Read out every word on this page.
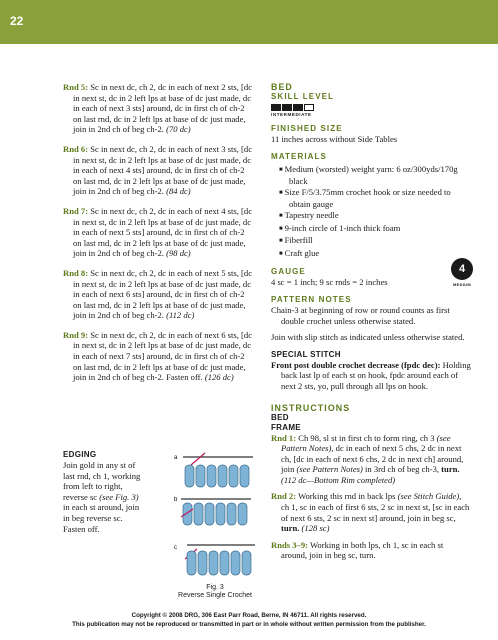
22

Rnd 5: Sc in next dc, ch 2, dc in each of next 2 sts, [dc in next st, dc in 2 left lps at base of dc just made, dc in each of next 3 sts] around, dc in first ch of ch-2 on last rnd, dc in 2 left lps at base of dc just made, join in 2nd ch of beg ch-2. (70 dc)

Rnd 6: Sc in next dc, ch 2, dc in each of next 3 sts, [dc in next st, dc in 2 left lps at base of dc just made, dc in each of next 4 sts] around, dc in first ch of ch-2 on last rnd, dc in 2 left lps at base of dc just made, join in 2nd ch of beg ch-2. (84 dc)

Rnd 7: Sc in next dc, ch 2, dc in each of next 4 sts, [dc in next st, dc in 2 left lps at base of dc just made, dc in each of next 5 sts] around, dc in first ch of ch-2 on last rnd, dc in 2 left lps at base of dc just made, join in 2nd ch of beg ch-2. (98 dc)

Rnd 8: Sc in next dc, ch 2, dc in each of next 5 sts, [dc in next st, dc in 2 left lps at base of dc just made, dc in each of next 6 sts] around, dc in first ch of ch-2 on last rnd, dc in 2 left lps at base of dc just made, join in 2nd ch of beg ch-2. (112 dc)

Rnd 9: Sc in next dc, ch 2, dc in each of next 6 sts, [dc in next st, dc in 2 left lps at base of dc just made, dc in each of next 7 sts] around, dc in first ch of ch-2 on last rnd, dc in 2 left lps at base of dc just made, join in 2nd ch of beg ch-2. Fasten off. (126 dc)

EDGING

Join gold in any st of last rnd, ch 1, working from left to right, reverse sc (see Fig. 3) in each st around, join in beg reverse sc. Fasten off.

a
b
c
Fig. 3
Reverse Single Crochet

BED

SKILL LEVEL

INTERMEDIATE

FINISHED SIZE

11 inches across without Side Tables

MATERIALS

■ Medium (worsted) weight yarn: 6 oz/300yds/170g black
■ Size F/5/3.75mm crochet hook or size needed to obtain gauge
■ Tapestry needle
■ 9-inch circle of 1-inch thick foam
■ Fiberfill
■ Craft glue

GAUGE

4 sc = 1 inch; 9 sc rnds = 2 inches

PATTERN NOTES

Chain-3 at beginning of row or round counts as first double crochet unless otherwise stated.

Join with slip stitch as indicated unless otherwise stated.

SPECIAL STITCH

Front post double crochet decrease (fpdc dec): Holding back last lp of each st on hook, fpdc around each of next 2 sts, yo, pull through all lps on hook.

INSTRUCTIONS

BED

FRAME

Rnd 1: Ch 98, sl st in first ch to form ring, ch 3 (see Pattern Notes), dc in each of next 5 chs, 2 dc in next ch, [dc in each of next 6 chs, 2 dc in next ch] around, join (see Pattern Notes) in 3rd ch of beg ch-3, turn. (112 dc—Bottom Rim completed)

Rnd 2: Working this rnd in back lps (see Stitch Guide), ch 1, sc in each of first 6 sts, 2 sc in next st, [sc in each of next 6 sts, 2 sc in next st] around, join in beg sc, turn. (128 sc)

Rnds 3–9: Working in both lps, ch 1, sc in each st around, join in beg sc, turn.

4
MEDIUM
Copyright © 2008 DRG, 306 East Parr Road, Berne, IN 46711. All rights reserved.
This publication may not be reproduced or transmitted in part or in whole without written permission from the publisher.
